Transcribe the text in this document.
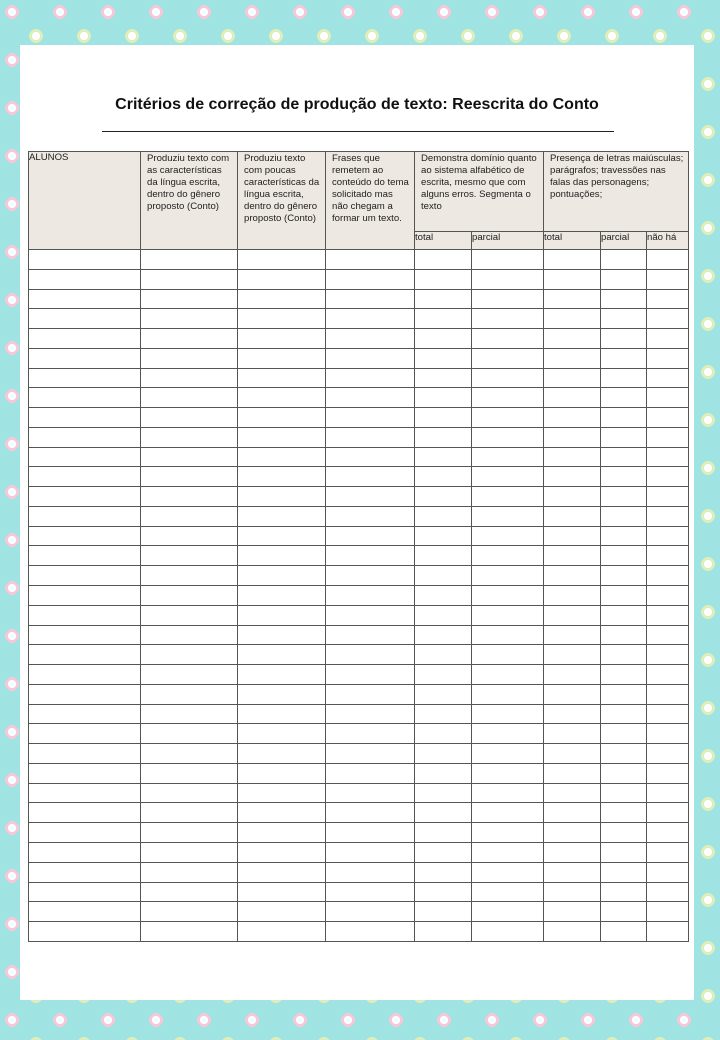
Critérios de correção de produção de texto: Reescrita do Conto
ALUNOS	Produziu texto com as características da língua escrita, dentro do gênero proposto (Conto)	Produziu texto com poucas características da língua escrita, dentro do gênero proposto (Conto)	Frases que remetem ao conteúdo do tema solicitado mas não chegam a formar um texto.	Demonstra domínio quanto ao sistema alfabético de escrita, mesmo que com alguns erros. Segmenta o texto		Presença de letras maiúsculas; parágrafos; travessões nas falas das personagens; pontuações;		

				total	parcial	total	parcial	não há
